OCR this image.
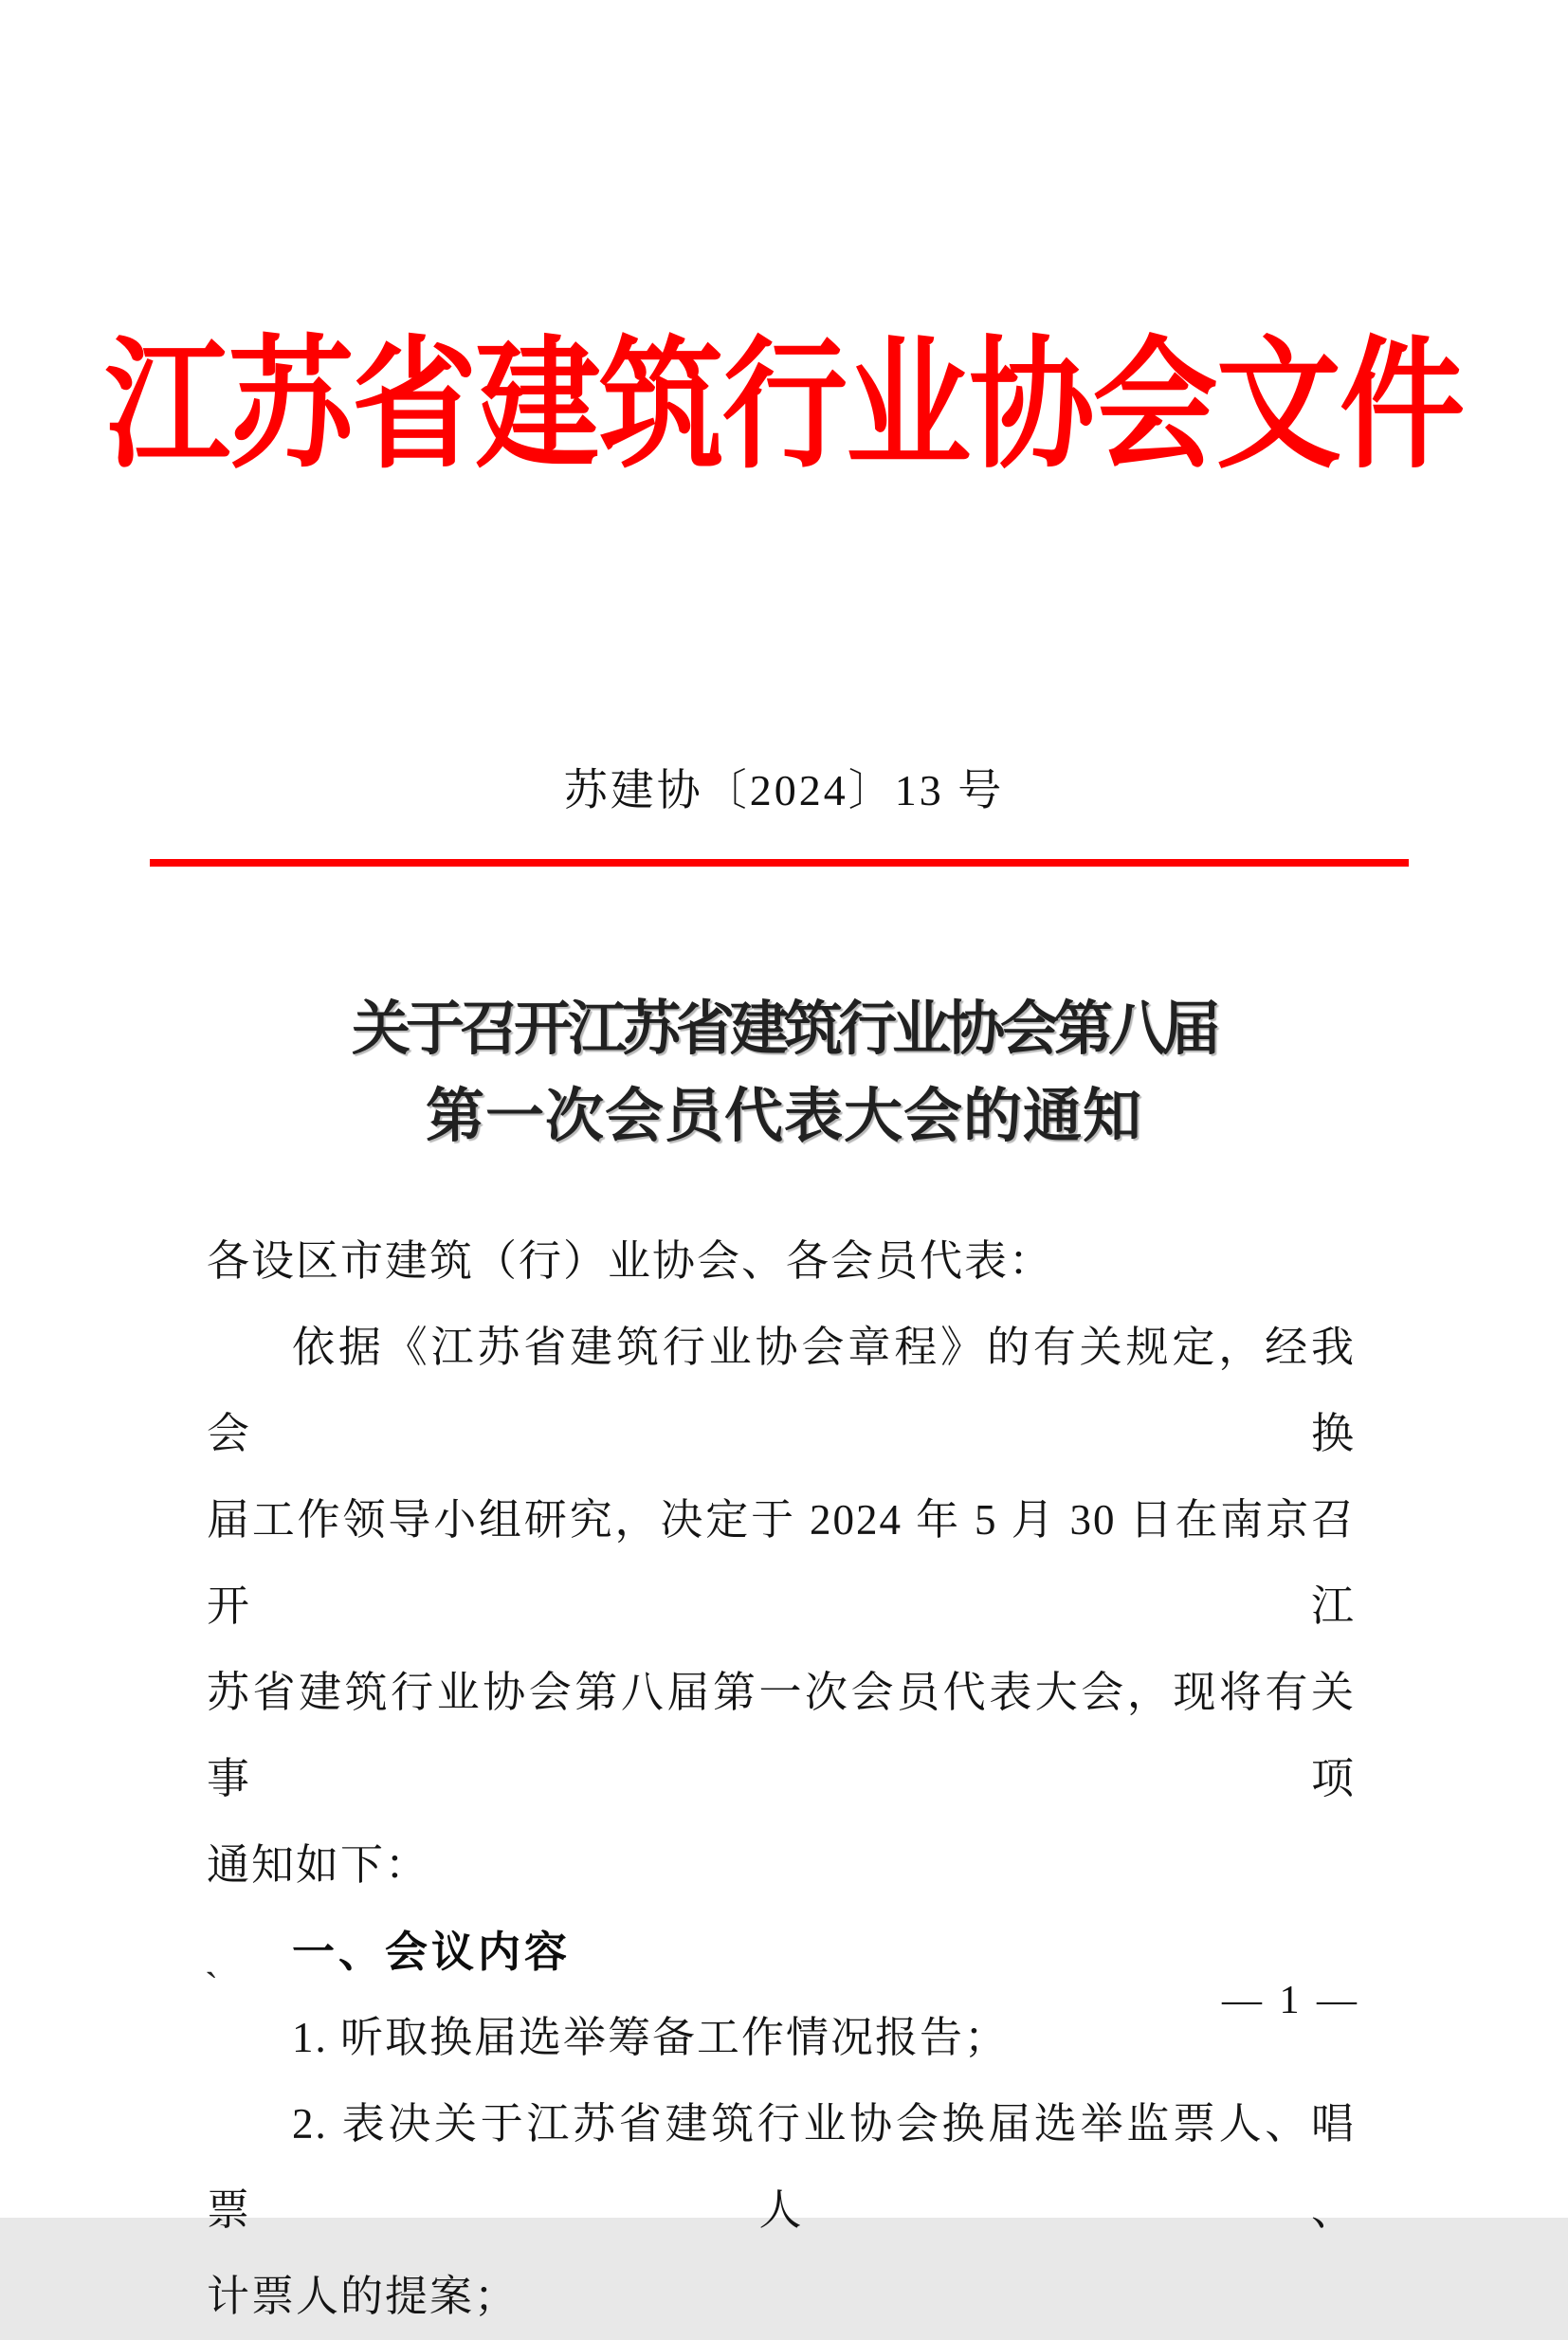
江苏省建筑行业协会文件
苏建协〔2024〕13 号
关于召开江苏省建筑行业协会第八届
第一次会员代表大会的通知
各设区市建筑（行）业协会、各会员代表：
依据《江苏省建筑行业协会章程》的有关规定，经我会换
届工作领导小组研究，决定于 2024 年 5 月 30 日在南京召开江
苏省建筑行业协会第八届第一次会员代表大会，现将有关事项
通知如下：
一、会议内容
1. 听取换届选举筹备工作情况报告；
2. 表决关于江苏省建筑行业协会换届选举监票人、唱票人、
计票人的提案；
`	— 1 —
